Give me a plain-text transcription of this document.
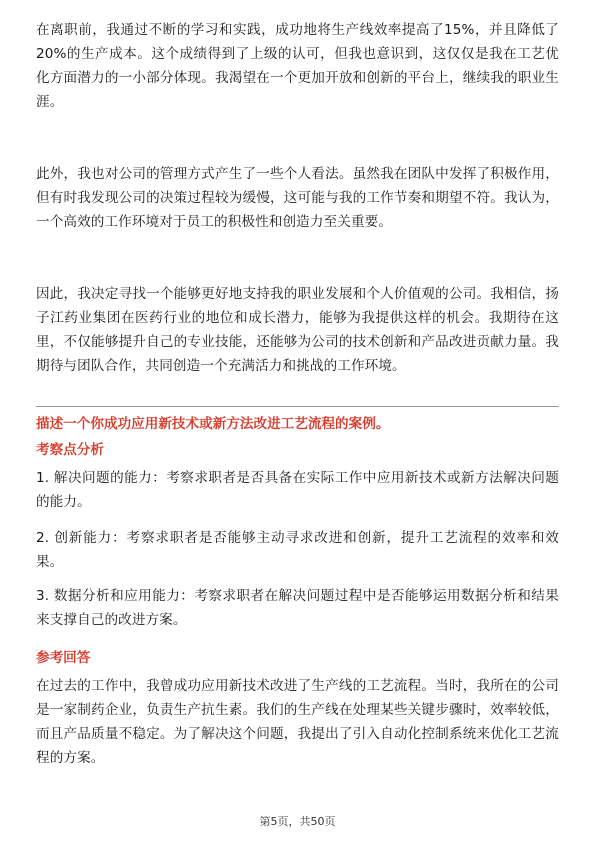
在离职前，我通过不断的学习和实践，成功地将生产线效率提高了15%，并且降低了20%的生产成本。这个成绩得到了上级的认可，但我也意识到，这仅仅是我在工艺优化方面潜力的一小部分体现。我渴望在一个更加开放和创新的平台上，继续我的职业生涯。

此外，我也对公司的管理方式产生了一些个人看法。虽然我在团队中发挥了积极作用，但有时我发现公司的决策过程较为缓慢，这可能与我的工作节奏和期望不符。我认为，一个高效的工作环境对于员工的积极性和创造力至关重要。

因此，我决定寻找一个能够更好地支持我的职业发展和个人价值观的公司。我相信，扬子江药业集团在医药行业的地位和成长潜力，能够为我提供这样的机会。我期待在这里，不仅能够提升自己的专业技能，还能够为公司的技术创新和产品改进贡献力量。我期待与团队合作，共同创造一个充满活力和挑战的工作环境。

描述一个你成功应用新技术或新方法改进工艺流程的案例。
考察点分析

1. 解决问题的能力：考察求职者是否具备在实际工作中应用新技术或新方法解决问题的能力。

2. 创新能力：考察求职者是否能够主动寻求改进和创新，提升工艺流程的效率和效果。

3. 数据分析和应用能力：考察求职者在解决问题过程中是否能够运用数据分析和结果来支撑自己的改进方案。

参考回答

在过去的工作中，我曾成功应用新技术改进了生产线的工艺流程。当时，我所在的公司是一家制药企业，负责生产抗生素。我们的生产线在处理某些关键步骤时，效率较低，而且产品质量不稳定。为了解决这个问题，我提出了引入自动化控制系统来优化工艺流程的方案。

第5页，共50页
